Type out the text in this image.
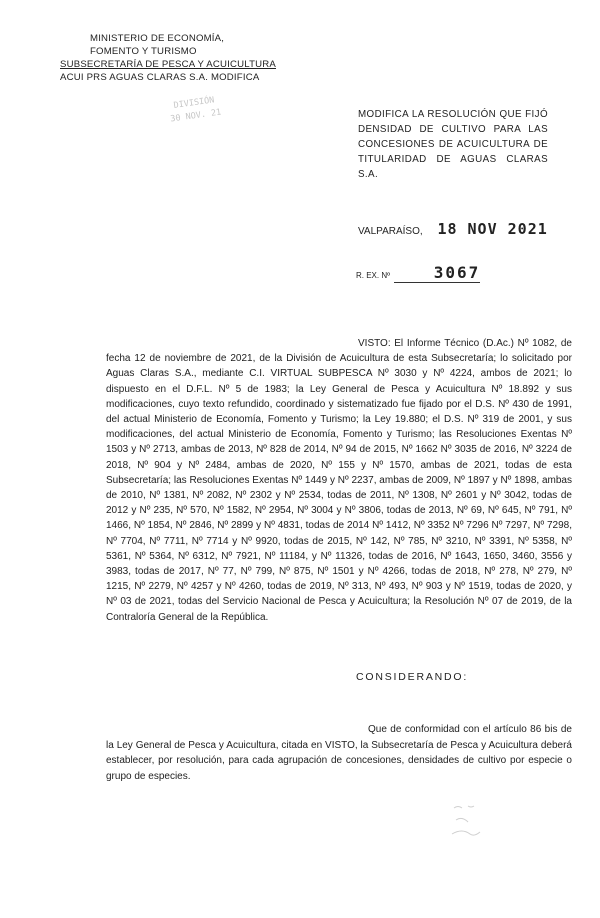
MINISTERIO DE ECONOMÍA,
FOMENTO Y TURISMO
SUBSECRETARÍA DE PESCA Y ACUICULTURA
ACUI PRS AGUAS CLARAS S.A. MODIFICA
DIVISIÓN
30 NOV. 21	MODIFICA LA RESOLUCIÓN QUE FIJÓ DENSIDAD DE CULTIVO PARA LAS CONCESIONES DE ACUICULTURA DE TITULARIDAD DE AGUAS CLARAS S.A.
VALPARAÍSO, 18 NOV 2021
R. EX. Nº	3067
VISTO: El Informe Técnico (D.Ac.) Nº 1082, de fecha 12 de noviembre de 2021, de la División de Acuicultura de esta Subsecretaría; lo solicitado por Aguas Claras S.A., mediante C.I. VIRTUAL SUBPESCA Nº 3030 y Nº 4224, ambos de 2021; lo dispuesto en el D.F.L. Nº 5 de 1983; la Ley General de Pesca y Acuicultura Nº 18.892 y sus modificaciones, cuyo texto refundido, coordinado y sistematizado fue fijado por el D.S. Nº 430 de 1991, del actual Ministerio de Economía, Fomento y Turismo; la Ley 19.880; el D.S. Nº 319 de 2001, y sus modificaciones, del actual Ministerio de Economía, Fomento y Turismo; las Resoluciones Exentas Nº 1503 y Nº 2713, ambas de 2013, Nº 828 de 2014, Nº 94 de 2015, Nº 1662 Nº 3035 de 2016, Nº 3224 de 2018, Nº 904 y Nº 2484, ambas de 2020, Nº 155 y Nº 1570, ambas de 2021, todas de esta Subsecretaría; las Resoluciones Exentas Nº 1449 y Nº 2237, ambas de 2009, Nº 1897 y Nº 1898, ambas de 2010, Nº 1381, Nº 2082, Nº 2302 y Nº 2534, todas de 2011, Nº 1308, Nº 2601 y Nº 3042, todas de 2012 y Nº 235, Nº 570, Nº 1582, Nº 2954, Nº 3004 y Nº 3806, todas de 2013, Nº 69, Nº 645, Nº 791, Nº 1466, Nº 1854, Nº 2846, Nº 2899 y Nº 4831, todas de 2014 Nº 1412, Nº 3352 Nº 7296 Nº 7297, Nº 7298, Nº 7704, Nº 7711, Nº 7714 y Nº 9920, todas de 2015, Nº 142, Nº 785, Nº 3210, Nº 3391, Nº 5358, Nº 5361, Nº 5364, Nº 6312, Nº 7921, Nº 11184, y Nº 11326, todas de 2016, Nº 1643, 1650, 3460, 3556 y 3983, todas de 2017, Nº 77, Nº 799, Nº 875, Nº 1501 y Nº 4266, todas de 2018, Nº 278, Nº 279, Nº 1215, Nº 2279, Nº 4257 y Nº 4260, todas de 2019, Nº 313, Nº 493, Nº 903 y Nº 1519, todas de 2020, y Nº 03 de 2021, todas del Servicio Nacional de Pesca y Acuicultura; la Resolución Nº 07 de 2019, de la Contraloría General de la República.
CONSIDERANDO:
Que de conformidad con el artículo 86 bis de la Ley General de Pesca y Acuicultura, citada en VISTO, la Subsecretaría de Pesca y Acuicultura deberá establecer, por resolución, para cada agrupación de concesiones, densidades de cultivo por especie o grupo de especies.
